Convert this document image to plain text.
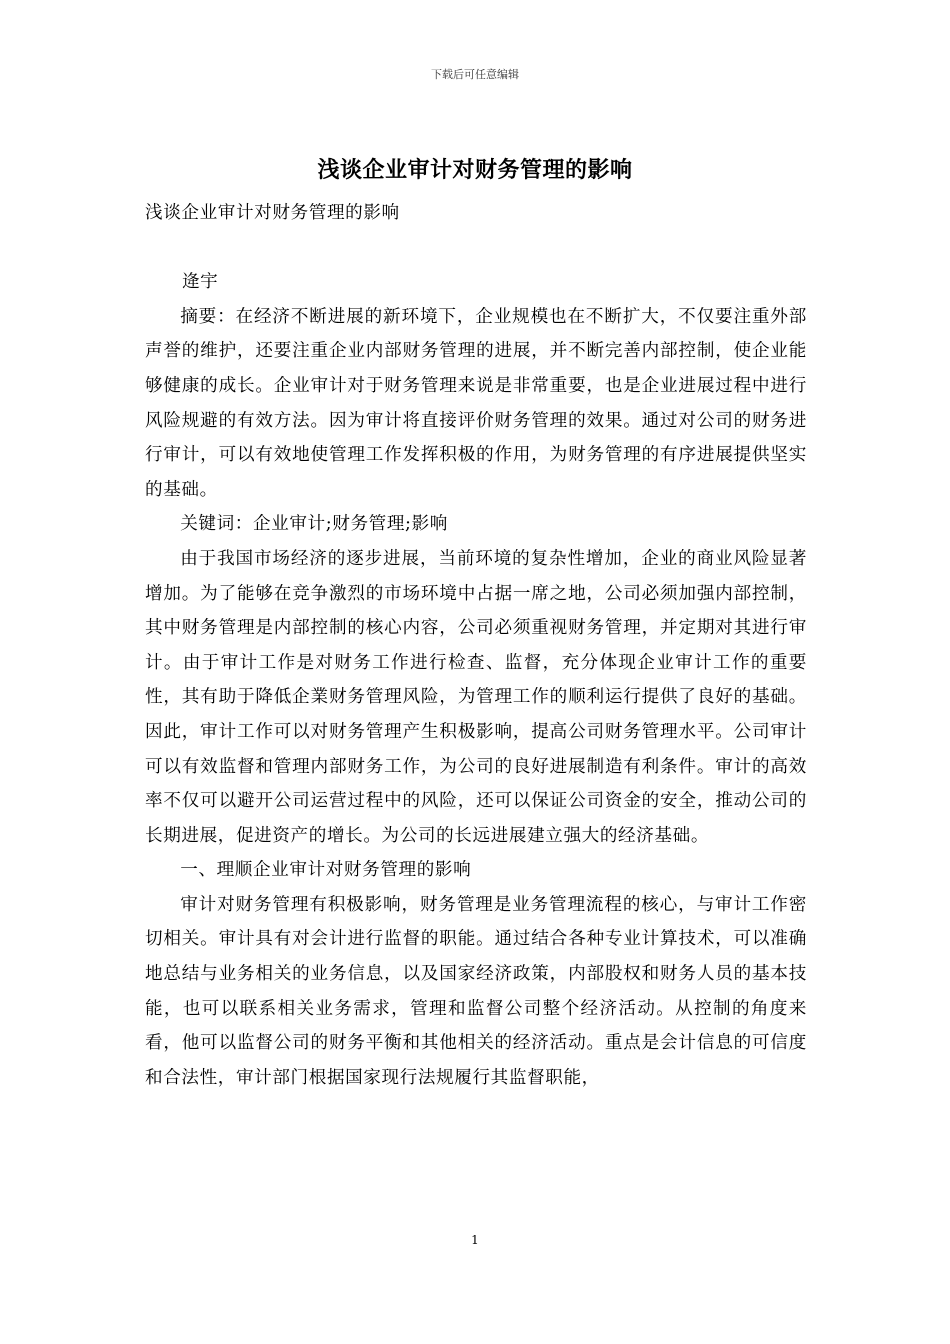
下载后可任意编辑
浅谈企业审计对财务管理的影响

浅谈企业审计对财务管理的影响

逄宇

摘要：在经济不断进展的新环境下，企业规模也在不断扩大，不仅要注重外部声誉的维护，还要注重企业内部财务管理的进展，并不断完善内部控制，使企业能够健康的成长。企业审计对于财务管理来说是非常重要，也是企业进展过程中进行风险规避的有效方法。因为审计将直接评价财务管理的效果。通过对公司的财务进行审计，可以有效地使管理工作发挥积极的作用，为财务管理的有序进展提供坚实的基础。

关键词：企业审计;财务管理;影响

由于我国市场经济的逐步进展，当前环境的复杂性增加，企业的商业风险显著增加。为了能够在竞争激烈的市场环境中占据一席之地，公司必须加强内部控制，其中财务管理是内部控制的核心内容，公司必须重视财务管理，并定期对其进行审计。由于审计工作是对财务工作进行检查、监督，充分体现企业审计工作的重要性，其有助于降低企業财务管理风险，为管理工作的顺利运行提供了良好的基础。因此，审计工作可以对财务管理产生积极影响，提高公司财务管理水平。公司审计可以有效监督和管理内部财务工作，为公司的良好进展制造有利条件。审计的高效率不仅可以避开公司运营过程中的风险，还可以保证公司资金的安全，推动公司的长期进展，促进资产的增长。为公司的长远进展建立强大的经济基础。

一、理顺企业审计对财务管理的影响

审计对财务管理有积极影响，财务管理是业务管理流程的核心，与审计工作密切相关。审计具有对会计进行监督的职能。通过结合各种专业计算技术，可以准确地总结与业务相关的业务信息，以及国家经济政策，内部股权和财务人员的基本技能，也可以联系相关业务需求，管理和监督公司整个经济活动。从控制的角度来看，他可以监督公司的财务平衡和其他相关的经济活动。重点是会计信息的可信度和合法性，审计部门根据国家现行法规履行其监督职能，

1
